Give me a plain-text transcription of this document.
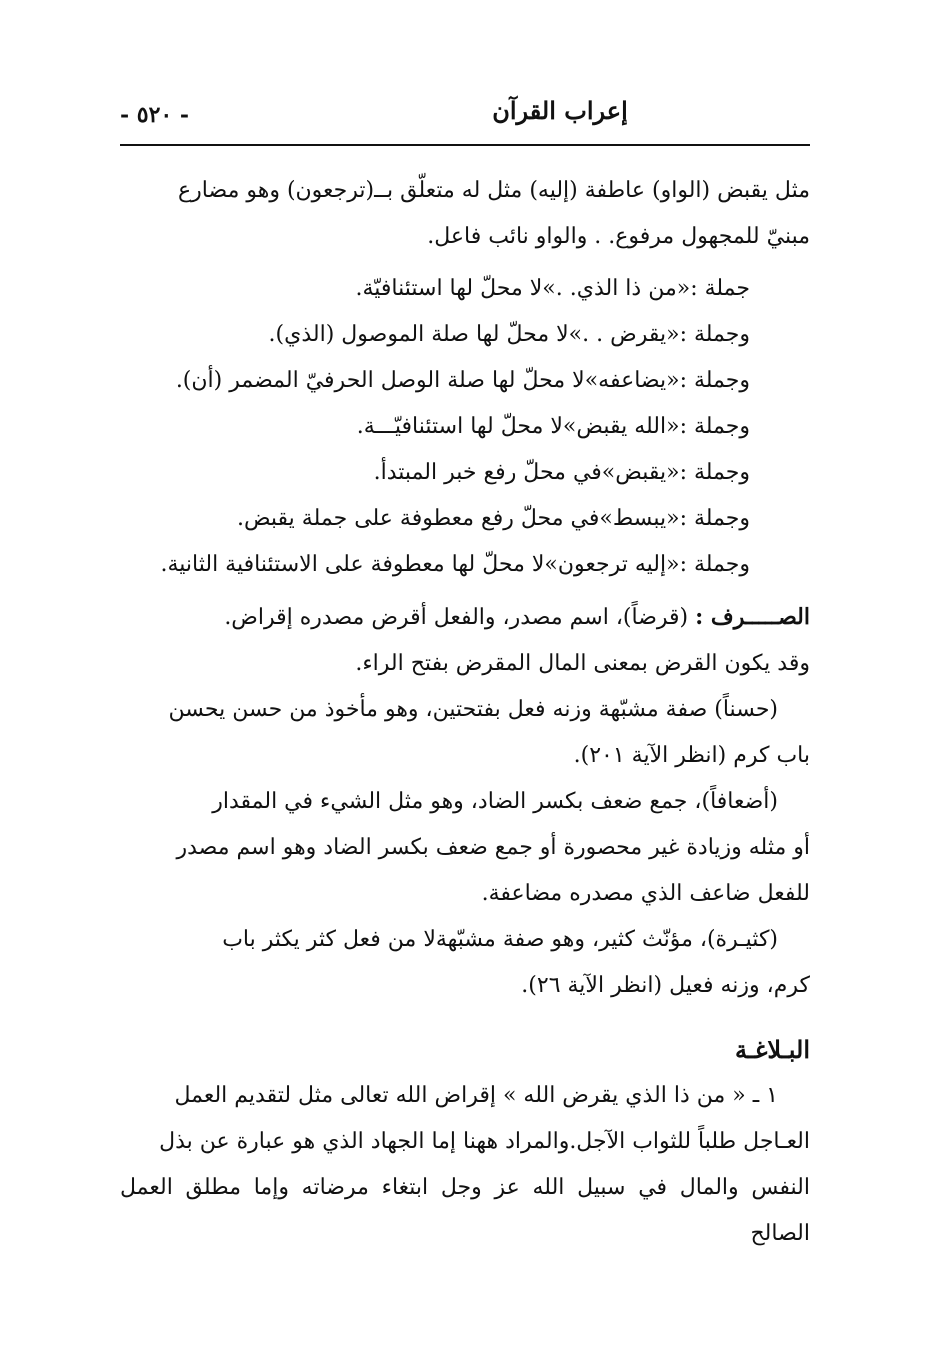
إعراب القرآن
- ٥٢٠ -

مثل يقبض (الواو) عاطفة (إليه) مثل له متعلّق بــ(ترجعون) وهو مضارع

مبنيّ للمجهول مرفوع. . والواو نائب فاعل.

جملة :«من ذا الذي. .»لا محلّ لها استئنافيّة.
وجملة :«يقرض . .»لا محلّ لها صلة الموصول (الذي).
وجملة :«يضاعفه»لا محلّ لها صلة الوصل الحرفيّ المضمر (أن).
وجملة :«الله يقبض»لا محلّ لها استئنافيّـــة.
وجملة :«يقبض»في محلّ رفع خبر المبتدأ.
وجملة :«يبسط»في محلّ رفع معطوفة على جملة يقبض.
وجملة :«إليه ترجعون»لا محلّ لها معطوفة على الاستئنافية الثانية.

الصـــــرف : (قرضاً)، اسم مصدر، والفعل أقرض مصدره إقراض.

وقد يكون القرض بمعنى المال المقرض بفتح الراء.

(حسناً) صفة مشبّهة وزنه فعل بفتحتين، وهو مأخوذ من حسن يحسن

باب كرم (انظر الآية ٢٠١).

(أضعافاً)، جمع ضعف بكسر الضاد، وهو مثل الشيء في المقدار

أو مثله وزيادة غير محصورة أو جمع ضعف بكسر الضاد وهو اسم مصدر

للفعل ضاعف الذي مصدره مضاعفة.

(كثيـرة)، مؤنّث كثير، وهو صفة مشبّهةلا من فعل كثر يكثر باب

كرم، وزنه فعيل (انظر الآية ٢٦).

البـلاغـة

١ ـ « من ذا الذي يقرض الله » إقراض الله تعالى مثل لتقديم العمل

العـاجل طلباً للثواب الآجل.والمراد ههنا إما الجهاد الذي هو عبارة عن بذل

النفس والمال في سبيل الله عز وجل ابتغاء مرضاته وإما مطلق العمل الصالح
